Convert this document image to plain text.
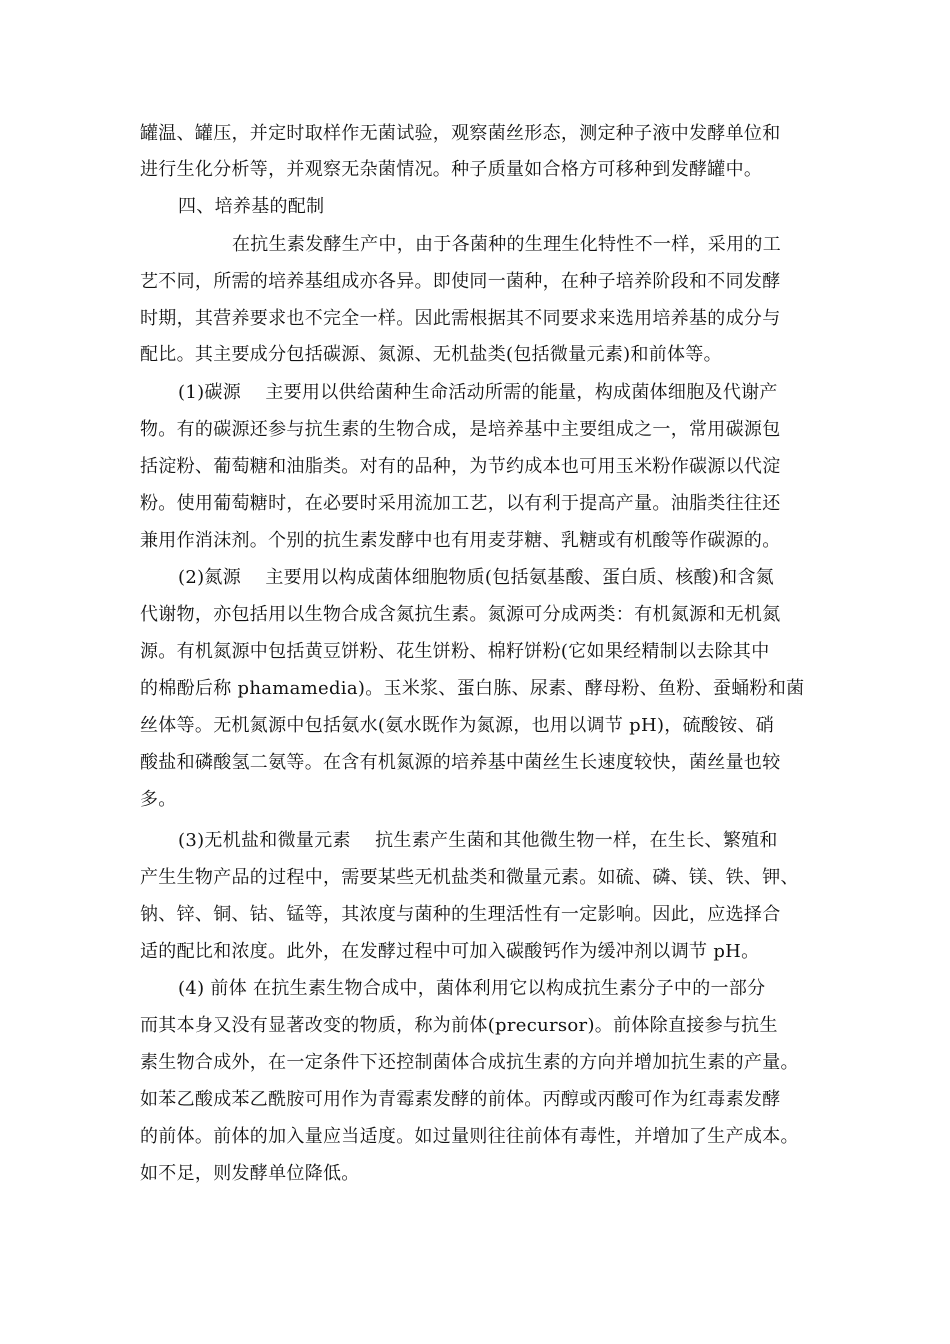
罐温、罐压，并定时取样作无菌试验，观察菌丝形态，测定种子液中发酵单位和
进行生化分析等，并观察无杂菌情况。种子质量如合格方可移种到发酵罐中。
四、培养基的配制
在抗生素发酵生产中，由于各菌种的生理生化特性不一样，采用的工
艺不同，所需的培养基组成亦各异。即使同一菌种，在种子培养阶段和不同发酵
时期，其营养要求也不完全一样。因此需根据其不同要求来选用培养基的成分与
配比。其主要成分包括碳源、氮源、无机盐类(包括微量元素)和前体等。
(1)碳源　 主要用以供给菌种生命活动所需的能量，构成菌体细胞及代谢产
物。有的碳源还参与抗生素的生物合成，是培养基中主要组成之一，常用碳源包
括淀粉、葡萄糖和油脂类。对有的品种，为节约成本也可用玉米粉作碳源以代淀
粉。使用葡萄糖时，在必要时采用流加工艺，以有利于提高产量。油脂类往往还
兼用作消沫剂。个别的抗生素发酵中也有用麦芽糖、乳糖或有机酸等作碳源的。
(2)氮源　 主要用以构成菌体细胞物质(包括氨基酸、蛋白质、核酸)和含氮
代谢物，亦包括用以生物合成含氮抗生素。氮源可分成两类：有机氮源和无机氮
源。有机氮源中包括黄豆饼粉、花生饼粉、棉籽饼粉(它如果经精制以去除其中
的棉酚后称 phamamedia)。玉米浆、蛋白胨、尿素、酵母粉、鱼粉、蚕蛹粉和菌
丝体等。无机氮源中包括氨水(氨水既作为氮源，也用以调节 pH)，硫酸铵、硝
酸盐和磷酸氢二氨等。在含有机氮源的培养基中菌丝生长速度较快，菌丝量也较
多。
(3)无机盐和微量元素　 抗生素产生菌和其他微生物一样，在生长、繁殖和
产生生物产品的过程中，需要某些无机盐类和微量元素。如硫、磷、镁、铁、钾、
钠、锌、铜、钴、锰等，其浓度与菌种的生理活性有一定影响。因此，应选择合
适的配比和浓度。此外，在发酵过程中可加入碳酸钙作为缓冲剂以调节 pH。
(4) 前体 在抗生素生物合成中，菌体利用它以构成抗生素分子中的一部分
而其本身又没有显著改变的物质，称为前体(precursor)。前体除直接参与抗生
素生物合成外，在一定条件下还控制菌体合成抗生素的方向并增加抗生素的产量。
如苯乙酸成苯乙酰胺可用作为青霉素发酵的前体。丙醇或丙酸可作为红毒素发酵
的前体。前体的加入量应当适度。如过量则往往前体有毒性，并增加了生产成本。
如不足，则发酵单位降低。
